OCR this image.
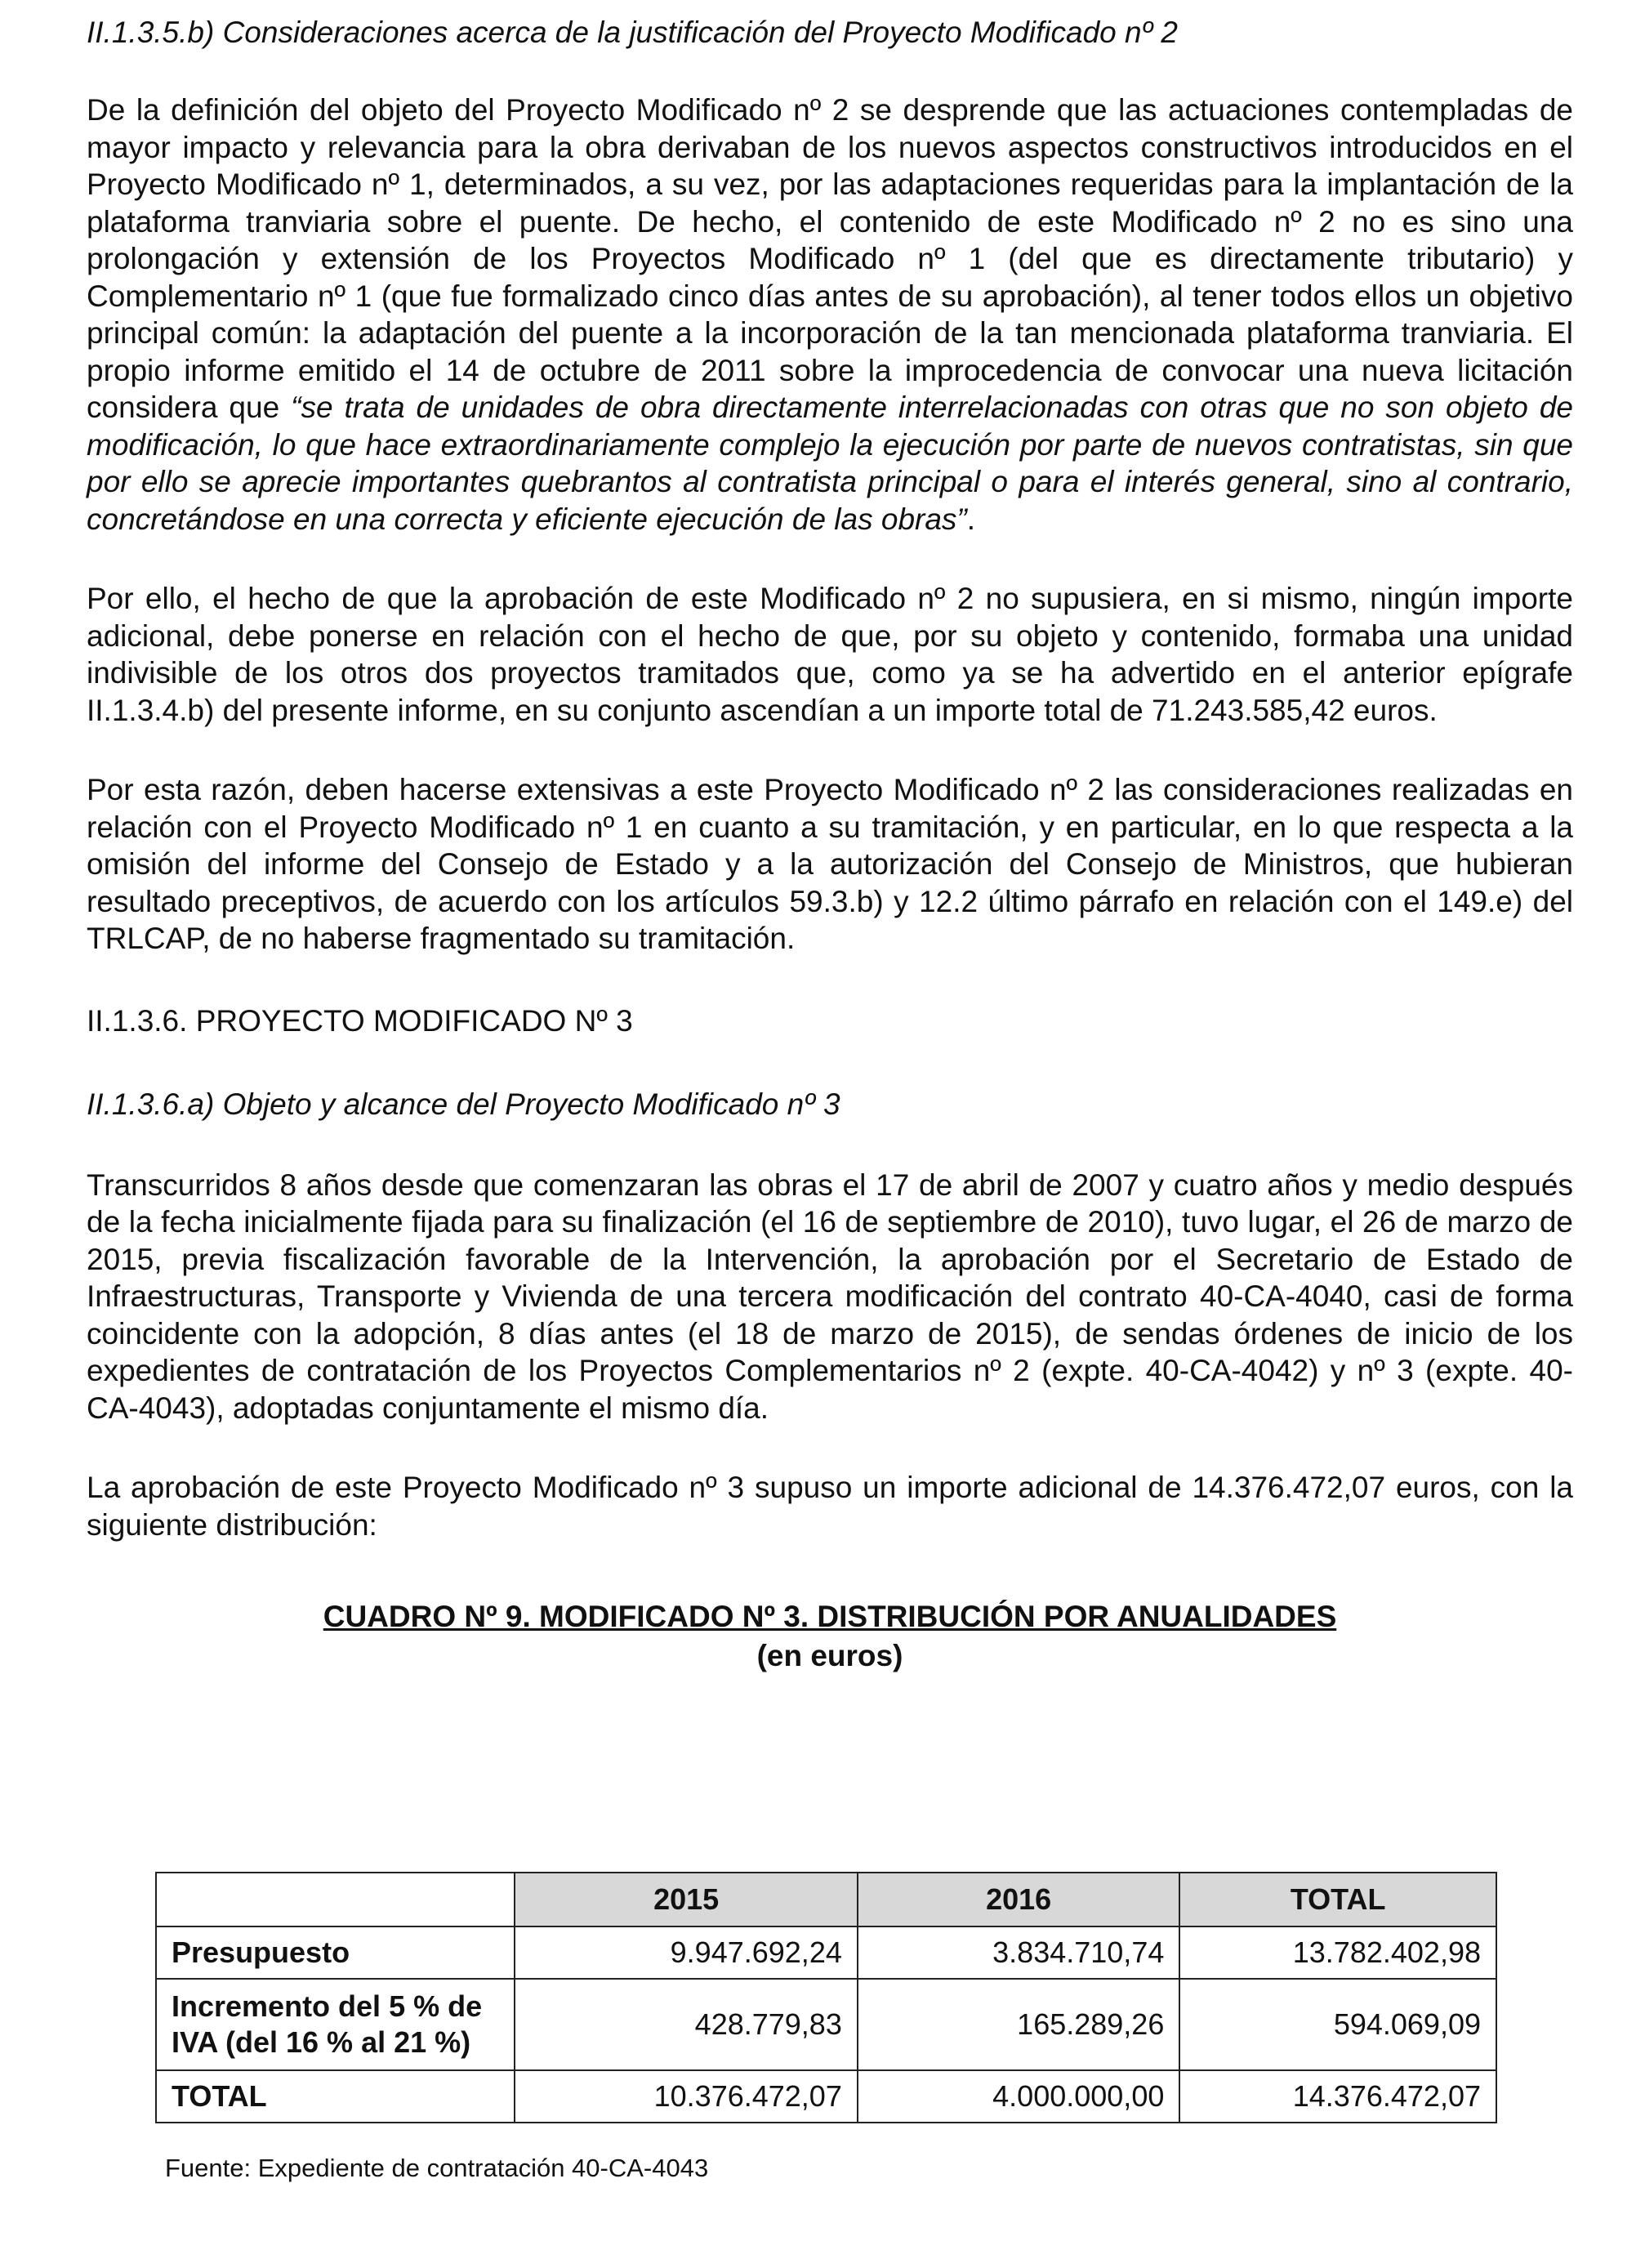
II.1.3.5.b) Consideraciones acerca de la justificación del Proyecto Modificado nº 2

De la definición del objeto del Proyecto Modificado nº 2 se desprende que las actuaciones contempladas de mayor impacto y relevancia para la obra derivaban de los nuevos aspectos constructivos introducidos en el Proyecto Modificado nº 1, determinados, a su vez, por las adaptaciones requeridas para la implantación de la plataforma tranviaria sobre el puente. De hecho, el contenido de este Modificado nº 2 no es sino una prolongación y extensión de los Proyectos Modificado nº 1 (del que es directamente tributario) y Complementario nº 1 (que fue formalizado cinco días antes de su aprobación), al tener todos ellos un objetivo principal común: la adaptación del puente a la incorporación de la tan mencionada plataforma tranviaria. El propio informe emitido el 14 de octubre de 2011 sobre la improcedencia de convocar una nueva licitación considera que “se trata de unidades de obra directamente interrelacionadas con otras que no son objeto de modificación, lo que hace extraordinariamente complejo la ejecución por parte de nuevos contratistas, sin que por ello se aprecie importantes quebrantos al contratista principal o para el interés general, sino al contrario, concretándose en una correcta y eficiente ejecución de las obras”.

Por ello, el hecho de que la aprobación de este Modificado nº 2 no supusiera, en si mismo, ningún importe adicional, debe ponerse en relación con el hecho de que, por su objeto y contenido, formaba una unidad indivisible de los otros dos proyectos tramitados que, como ya se ha advertido en el anterior epígrafe II.1.3.4.b) del presente informe, en su conjunto ascendían a un importe total de 71.243.585,42 euros.

Por esta razón, deben hacerse extensivas a este Proyecto Modificado nº 2 las consideraciones realizadas en relación con el Proyecto Modificado nº 1 en cuanto a su tramitación, y en particular, en lo que respecta a la omisión del informe del Consejo de Estado y a la autorización del Consejo de Ministros, que hubieran resultado preceptivos, de acuerdo con los artículos 59.3.b) y 12.2 último párrafo en relación con el 149.e) del TRLCAP, de no haberse fragmentado su tramitación.

II.1.3.6. PROYECTO MODIFICADO Nº 3

II.1.3.6.a) Objeto y alcance del Proyecto Modificado nº 3

Transcurridos 8 años desde que comenzaran las obras el 17 de abril de 2007 y cuatro años y medio después de la fecha inicialmente fijada para su finalización (el 16 de septiembre de 2010), tuvo lugar, el 26 de marzo de 2015, previa fiscalización favorable de la Intervención, la aprobación por el Secretario de Estado de Infraestructuras, Transporte y Vivienda de una tercera modificación del contrato 40-CA-4040, casi de forma coincidente con la adopción, 8 días antes (el 18 de marzo de 2015), de sendas órdenes de inicio de los expedientes de contratación de los Proyectos Complementarios nº 2 (expte. 40-CA-4042) y nº 3 (expte. 40-CA-4043), adoptadas conjuntamente el mismo día.

La aprobación de este Proyecto Modificado nº 3 supuso un importe adicional de 14.376.472,07 euros, con la siguiente distribución:

CUADRO Nº 9. MODIFICADO Nº 3. DISTRIBUCIÓN POR ANUALIDADES

(en euros)

	2015	2016	TOTAL
Presupuesto	9.947.692,24	3.834.710,74	13.782.402,98
Incremento del 5 % de IVA (del 16 % al 21 %)	428.779,83	165.289,26	594.069,09
TOTAL	10.376.472,07	4.000.000,00	14.376.472,07
Fuente: Expediente de contratación 40-CA-4043
